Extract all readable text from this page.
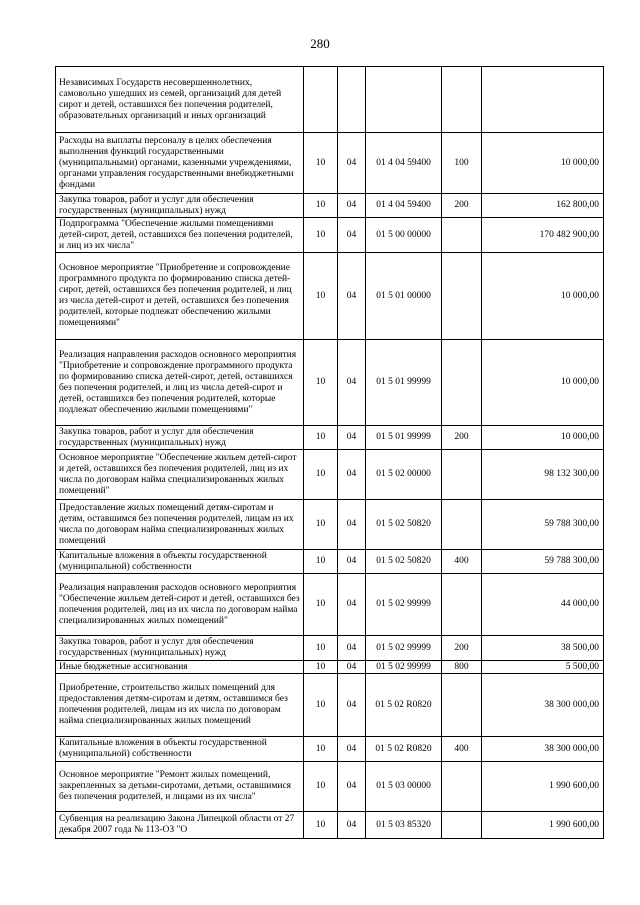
280
Независимых Государств несовершеннолетних, самовольно ушедших из семей, организаций для детей сирот и детей, оставшихся без попечения родителей, образовательных организаций и иных организаций					
Расходы на выплаты персоналу в целях обеспечения выполнения функций государственными (муниципальными) органами, казенными учреждениями, органами управления государственными внебюджетными фондами	10	04	01 4 04 59400	100	10 000,00
Закупка товаров, работ и услуг для обеспечения государственных (муниципальных) нужд	10	04	01 4 04 59400	200	162 800,00
Подпрограмма "Обеспечение жилыми помещениями детей-сирот, детей, оставшихся без попечения родителей, и лиц из их числа"	10	04	01 5 00 00000		170 482 900,00
Основное мероприятие "Приобретение и сопровождение программного продукта по формированию списка детей-сирот, детей, оставшихся без попечения родителей, и лиц из числа детей-сирот и детей, оставшихся без попечения родителей, которые подлежат обеспечению жилыми помещениями"	10	04	01 5 01 00000		10 000,00
Реализация направления расходов основного мероприятия "Приобретение и сопровождение программного продукта по формированию списка детей-сирот, детей, оставшихся без попечения родителей, и лиц из числа детей-сирот и детей, оставшихся без попечения родителей, которые подлежат обеспечению жилыми помещениями"	10	04	01 5 01 99999		10 000,00
Закупка товаров, работ и услуг для обеспечения государственных (муниципальных) нужд	10	04	01 5 01 99999	200	10 000,00
Основное мероприятие "Обеспечение жильем детей-сирот и детей, оставшихся без попечения родителей, лиц из их числа по договорам найма специализированных жилых помещений"	10	04	01 5 02 00000		98 132 300,00
Предоставление жилых помещений детям-сиротам и детям, оставшимся без попечения родителей, лицам из их числа по договорам найма специализированных жилых помещений	10	04	01 5 02 50820		59 788 300,00
Капитальные вложения в объекты государственной (муниципальной) собственности	10	04	01 5 02 50820	400	59 788 300,00
Реализация направления расходов основного мероприятия "Обеспечение жильем детей-сирот и детей, оставшихся без попечения родителей, лиц из их числа по договорам найма специализированных жилых помещений"	10	04	01 5 02 99999		44 000,00
Закупка товаров, работ и услуг для обеспечения государственных (муниципальных) нужд	10	04	01 5 02 99999	200	38 500,00
Иные бюджетные ассигнования	10	04	01 5 02 99999	800	5 500,00
Приобретение, строительство жилых помещений для предоставления детям-сиротам и детям, оставшимся без попечения родителей, лицам из их числа по договорам найма специализированных жилых помещений	10	04	01 5 02 R0820		38 300 000,00
Капитальные вложения в объекты государственной (муниципальной) собственности	10	04	01 5 02 R0820	400	38 300 000,00
Основное мероприятие "Ремонт жилых помещений, закрепленных за детьми-сиротами, детьми, оставшимися без попечения родителей, и лицами из их числа"	10	04	01 5 03 00000		1 990 600,00
Субвенция на реализацию Закона Липецкой области от 27 декабря 2007 года № 113-ОЗ "О	10	04	01 5 03 85320		1 990 600,00
